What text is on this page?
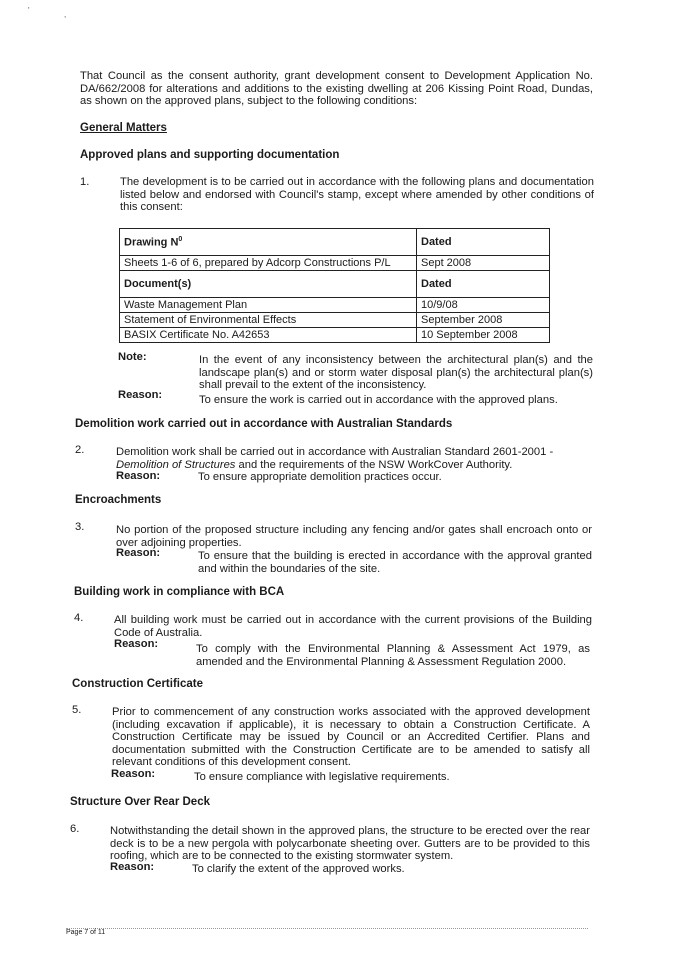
'	,
That Council as the consent authority, grant development consent to Development Application No. DA/662/2008 for alterations and additions to the existing dwelling at 206 Kissing Point Road, Dundas, as shown on the approved plans, subject to the following conditions:
General Matters
Approved plans and supporting documentation
1.	The development is to be carried out in accordance with the following plans and documentation listed below and endorsed with Council's stamp, except where amended by other conditions of this consent:
Drawing $N^0$	Dated
Sheets 1-6 of 6, prepared by Adcorp Constructions P/L	Sept 2008
Document(s)	Dated
Waste Management Plan	10/9/08
Statement of Environmental Effects	September 2008
BASIX Certificate No. A42653	10 September 2008
Note:	In the event of any inconsistency between the architectural plan(s) and the landscape plan(s) and or storm water disposal plan(s) the architectural plan(s) shall prevail to the extent of the inconsistency.
Reason:	To ensure the work is carried out in accordance with the approved plans.
Demolition work carried out in accordance with Australian Standards
2.	Demolition work shall be carried out in accordance with Australian Standard 2601-2001 -
Demolition of Structures and the requirements of the NSW WorkCover Authority.
Reason:	To ensure appropriate demolition practices occur.
Encroachments
3.	No portion of the proposed structure including any fencing and/or gates shall encroach onto or over adjoining properties.
Reason:	To ensure that the building is erected in accordance with the approval granted and within the boundaries of the site.
Building work in compliance with BCA
4.	All building work must be carried out in accordance with the current provisions of the Building Code of Australia.
Reason:	To comply with the Environmental Planning & Assessment Act 1979, as amended and the Environmental Planning & Assessment Regulation 2000.
Construction Certificate
5.	Prior to commencement of any construction works associated with the approved development (including excavation if applicable), it is necessary to obtain a Construction Certificate. A Construction Certificate may be issued by Council or an Accredited Certifier. Plans and documentation submitted with the Construction Certificate are to be amended to satisfy all relevant conditions of this development consent.
Reason:	To ensure compliance with legislative requirements.
Structure Over Rear Deck
6.	Notwithstanding the detail shown in the approved plans, the structure to be erected over the rear deck is to be a new pergola with polycarbonate sheeting over. Gutters are to be provided to this roofing, which are to be connected to the existing stormwater system.
Reason:	To clarify the extent of the approved works.
Page 7 of 11
